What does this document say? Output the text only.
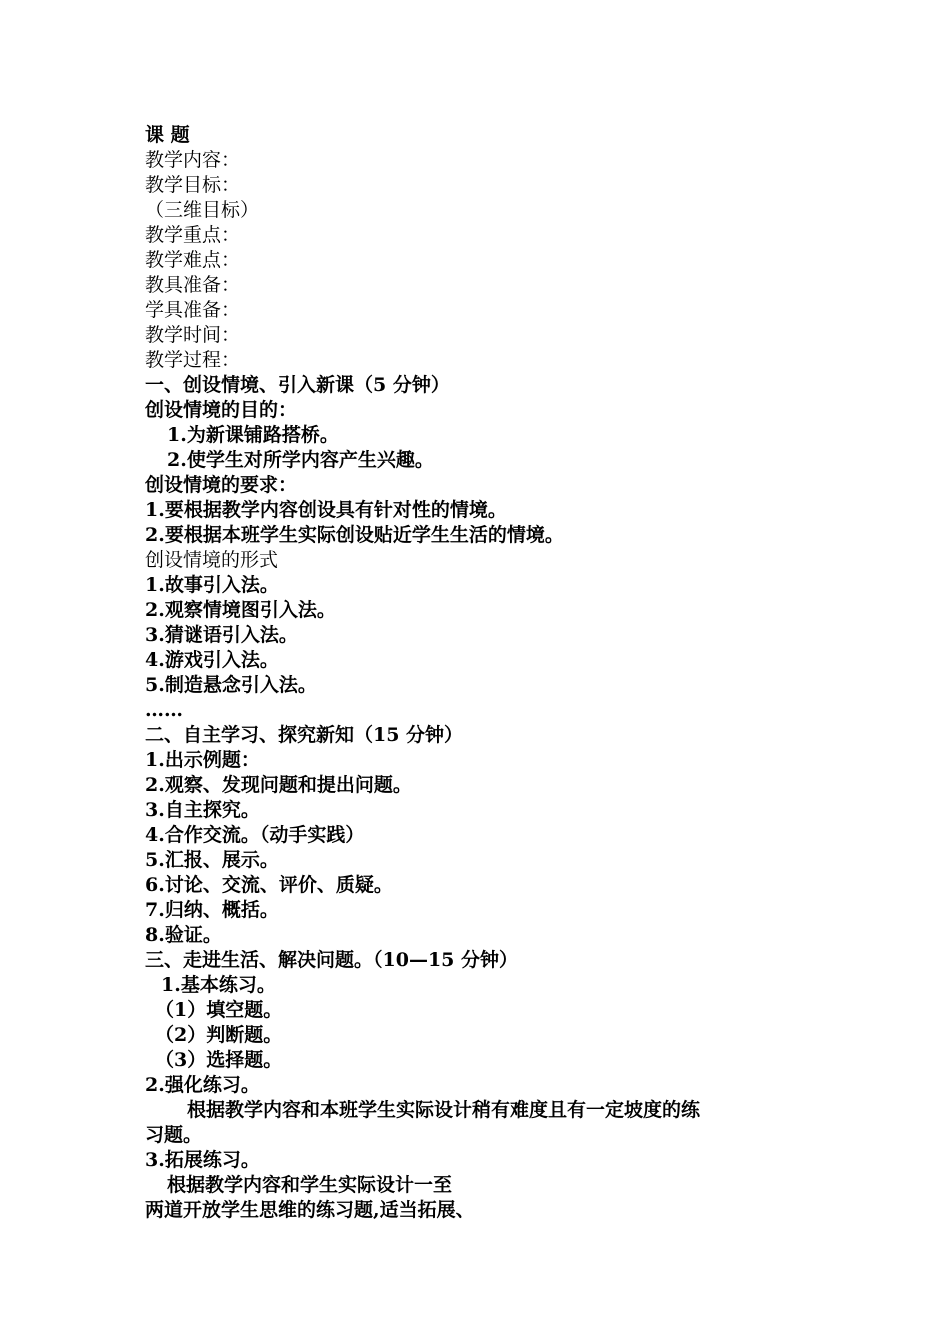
课 题
教学内容：
教学目标：
（三维目标）
教学重点：
教学难点：
教具准备：
学具准备：
教学时间：
教学过程：
一、创设情境、引入新课（5 分钟）
创设情境的目的：
1.为新课铺路搭桥。
2.使学生对所学内容产生兴趣。
创设情境的要求：
1.要根据教学内容创设具有针对性的情境。
2.要根据本班学生实际创设贴近学生生活的情境。
创设情境的形式
1.故事引入法。
2.观察情境图引入法。
3.猜谜语引入法。
4.游戏引入法。
5.制造悬念引入法。
……
二、自主学习、探究新知（15 分钟）
1.出示例题：
2.观察、发现问题和提出问题。
3.自主探究。
4.合作交流。（动手实践）
5.汇报、展示。
6.讨论、交流、评价、质疑。
7.归纳、概括。
8.验证。
三、走进生活、解决问题。（10—15 分钟）
1.基本练习。
（1）填空题。
（2）判断题。
（3）选择题。
2.强化练习。
根据教学内容和本班学生实际设计稍有难度且有一定坡度的练
习题。
3.拓展练习。
根据教学内容和学生实际设计一至
两道开放学生思维的练习题,适当拓展、
